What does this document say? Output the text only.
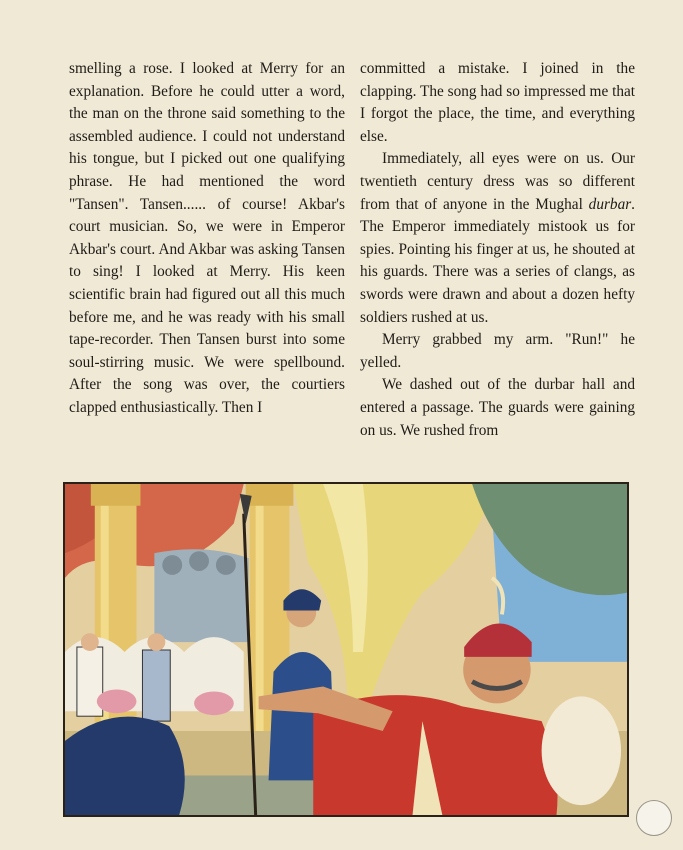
smelling a rose. I looked at Merry for an explanation. Before he could utter a word, the man on the throne said something to the assembled audience. I could not understand his tongue, but I picked out one qualifying phrase. He had mentioned the word "Tansen". Tansen...... of course! Akbar's court musician. So, we were in Emperor Akbar's court. And Akbar was asking Tansen to sing! I looked at Merry. His keen scientific brain had figured out all this much before me, and he was ready with his small tape-recorder. Then Tansen burst into some soul-stirring music. We were spellbound. After the song was over, the courtiers clapped enthusiastically. Then I

committed a mistake. I joined in the clapping. The song had so impressed me that I forgot the place, the time, and everything else.

Immediately, all eyes were on us. Our twentieth century dress was so different from that of anyone in the Mughal durbar. The Emperor immediately mistook us for spies. Pointing his finger at us, he shouted at his guards. There was a series of clangs, as swords were drawn and about a dozen hefty soldiers rushed at us.

Merry grabbed my arm. "Run!" he yelled.

We dashed out of the durbar hall and entered a passage. The guards were gaining on us. We rushed from
